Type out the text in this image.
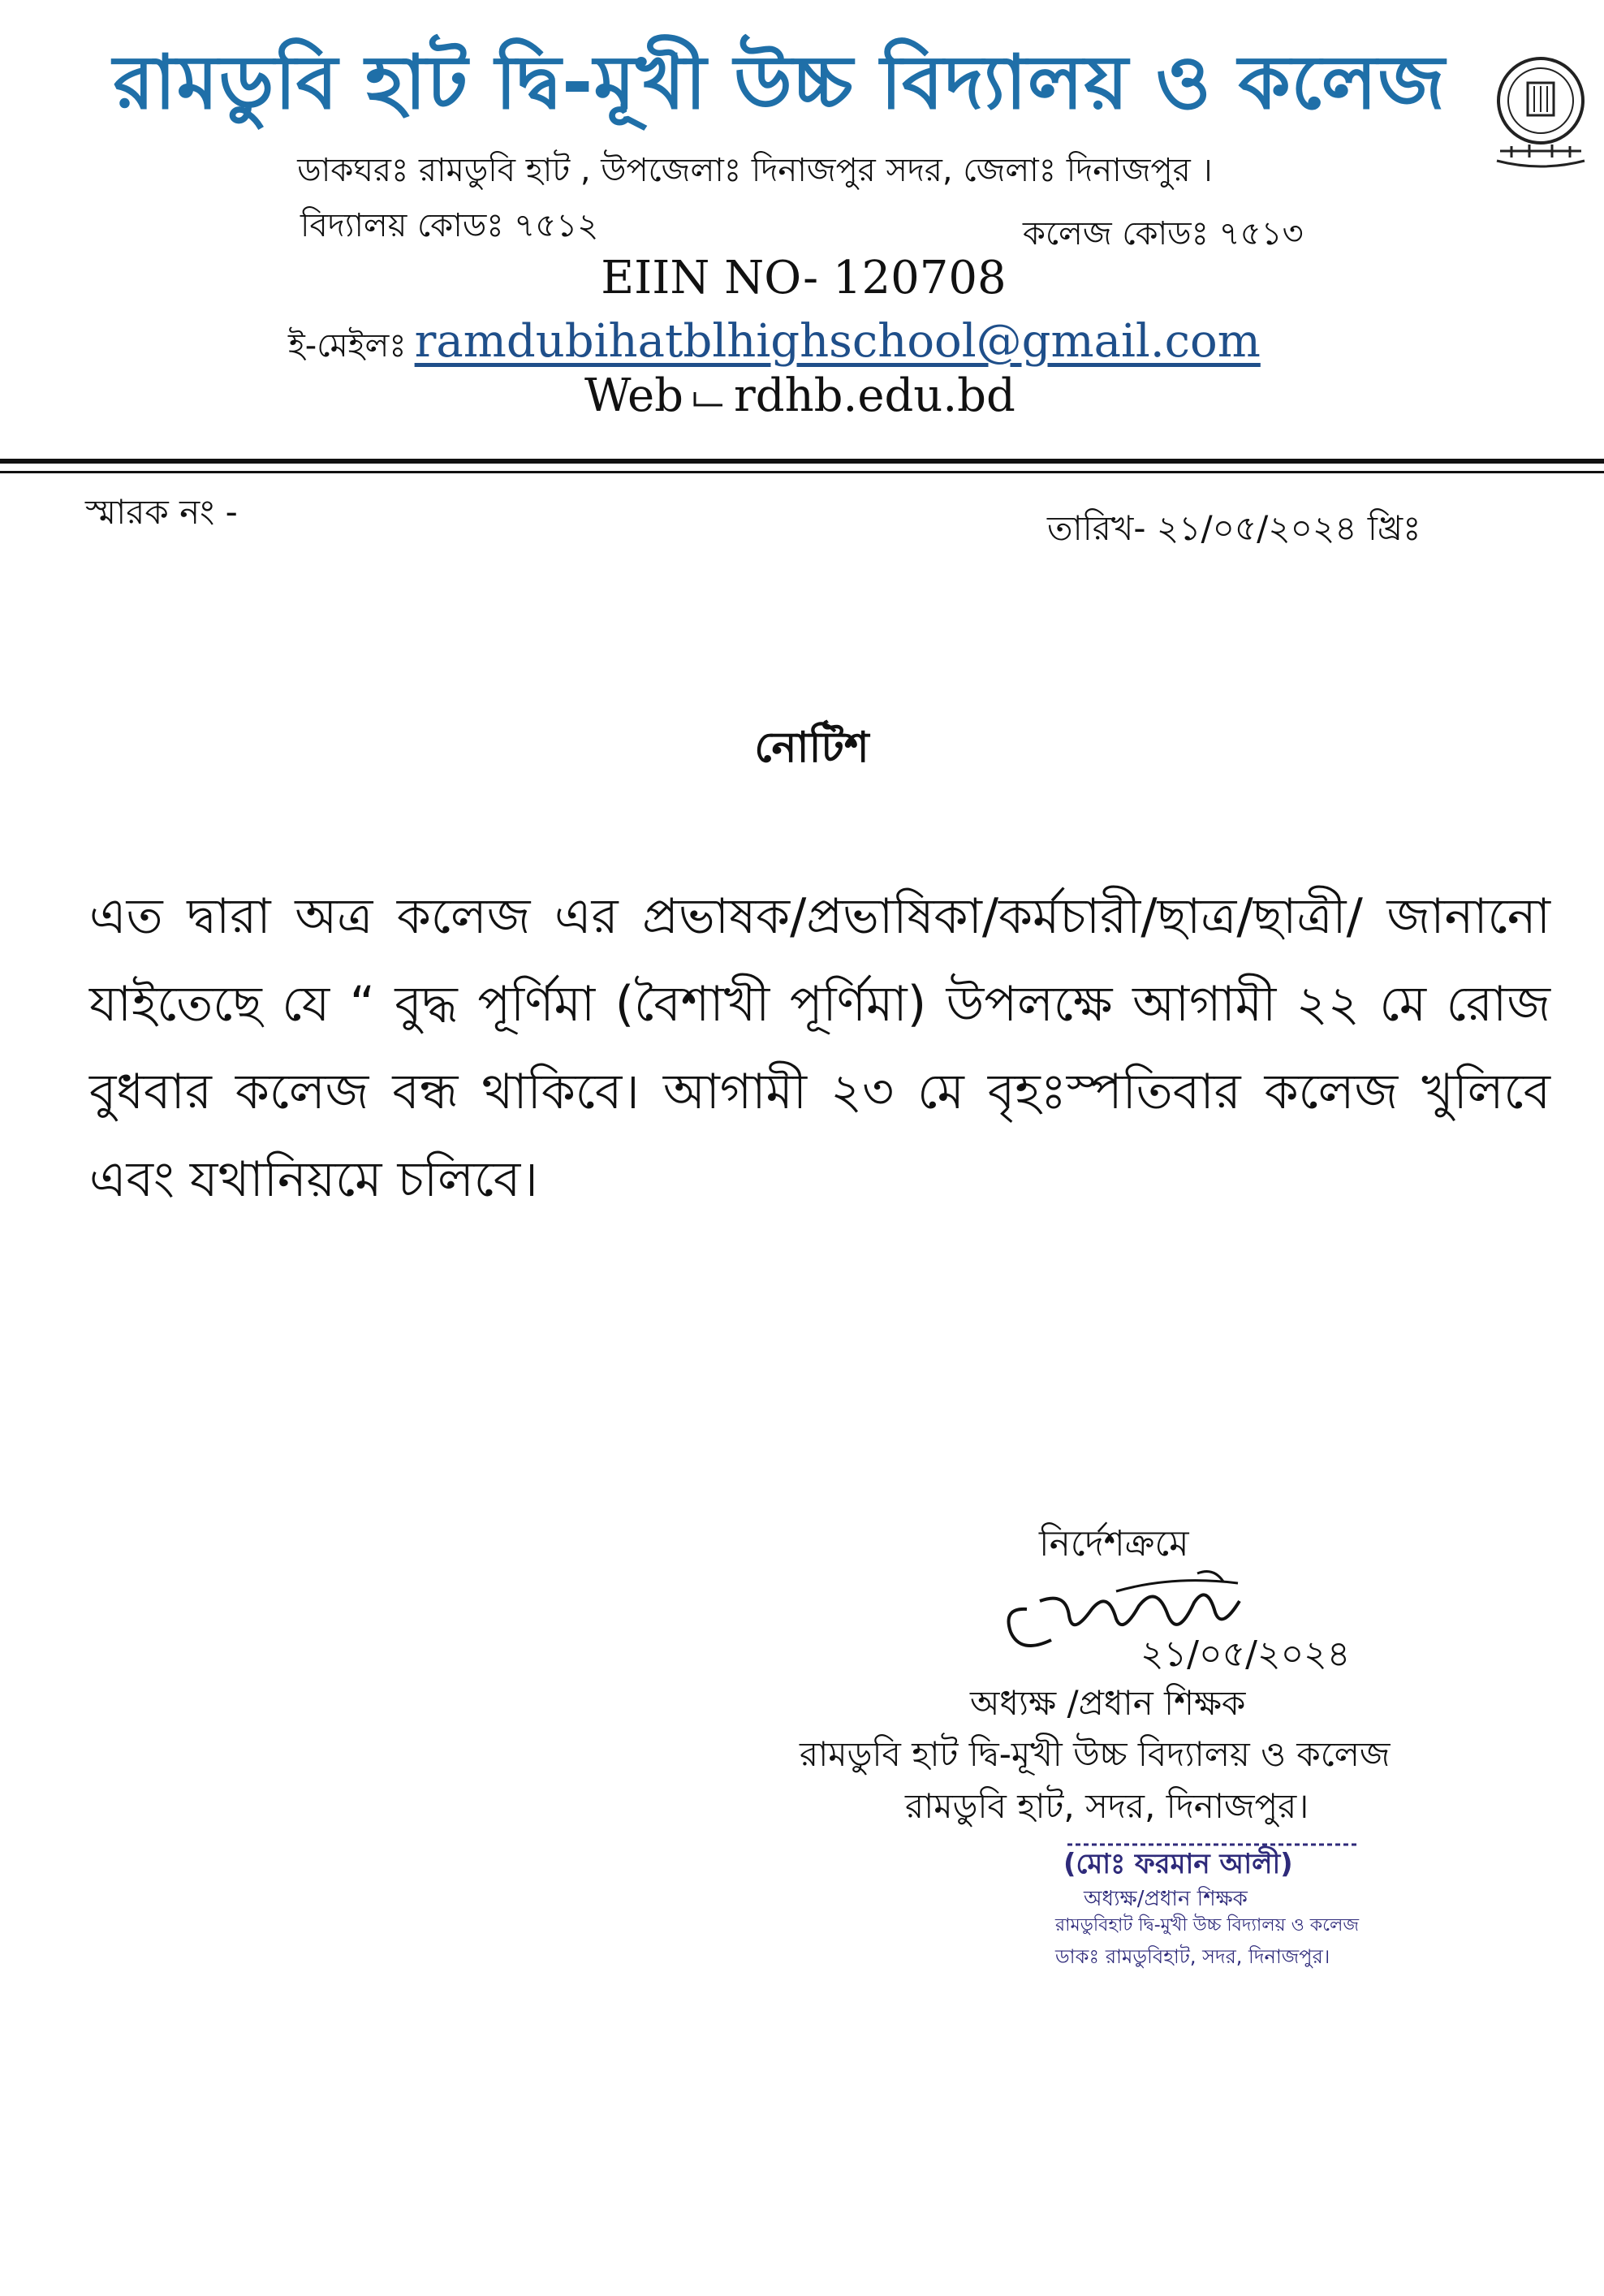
রামডুবি হাট দ্বি-মূখী উচ্চ বিদ্যালয় ও কলেজ
ডাকঘরঃ রামডুবি হাট , উপজেলাঃ দিনাজপুর সদর, জেলাঃ দিনাজপুর ।
বিদ্যালয় কোডঃ ৭৫১২	কলেজ কোডঃ ৭৫১৩
EIIN NO- 120708
ই-মেইলঃ ramdubihatblhighschool@gmail.com
Web rdhb.edu.bd
স্মারক নং -	তারিখ- ২১/০৫/২০২৪ খ্রিঃ
নোটিশ
এত দ্বারা অত্র কলেজ এর প্রভাষক/প্রভাষিকা/কর্মচারী/ছাত্র/ছাত্রী/ জানানো যাইতেছে যে “ বুদ্ধ পূর্ণিমা (বৈশাখী পূর্ণিমা) উপলক্ষে আগামী ২২ মে রোজ বুধবার কলেজ বন্ধ থাকিবে। আগামী ২৩ মে বৃহঃস্পতিবার কলেজ খুলিবে এবং যথানিয়মে চলিবে।
নির্দেশক্রমে
২১/০৫/২০২৪
অধ্যক্ষ /প্রধান শিক্ষক
রামডুবি হাট দ্বি-মূখী উচ্চ বিদ্যালয় ও কলেজ
রামডুবি হাট, সদর, দিনাজপুর।
(মোঃ ফরমান আলী)
অধ্যক্ষ/প্রধান শিক্ষক
রামডুবিহাট দ্বি-মুখী উচ্চ বিদ্যালয় ও কলেজ
ডাকঃ রামডুবিহাট, সদর, দিনাজপুর।
